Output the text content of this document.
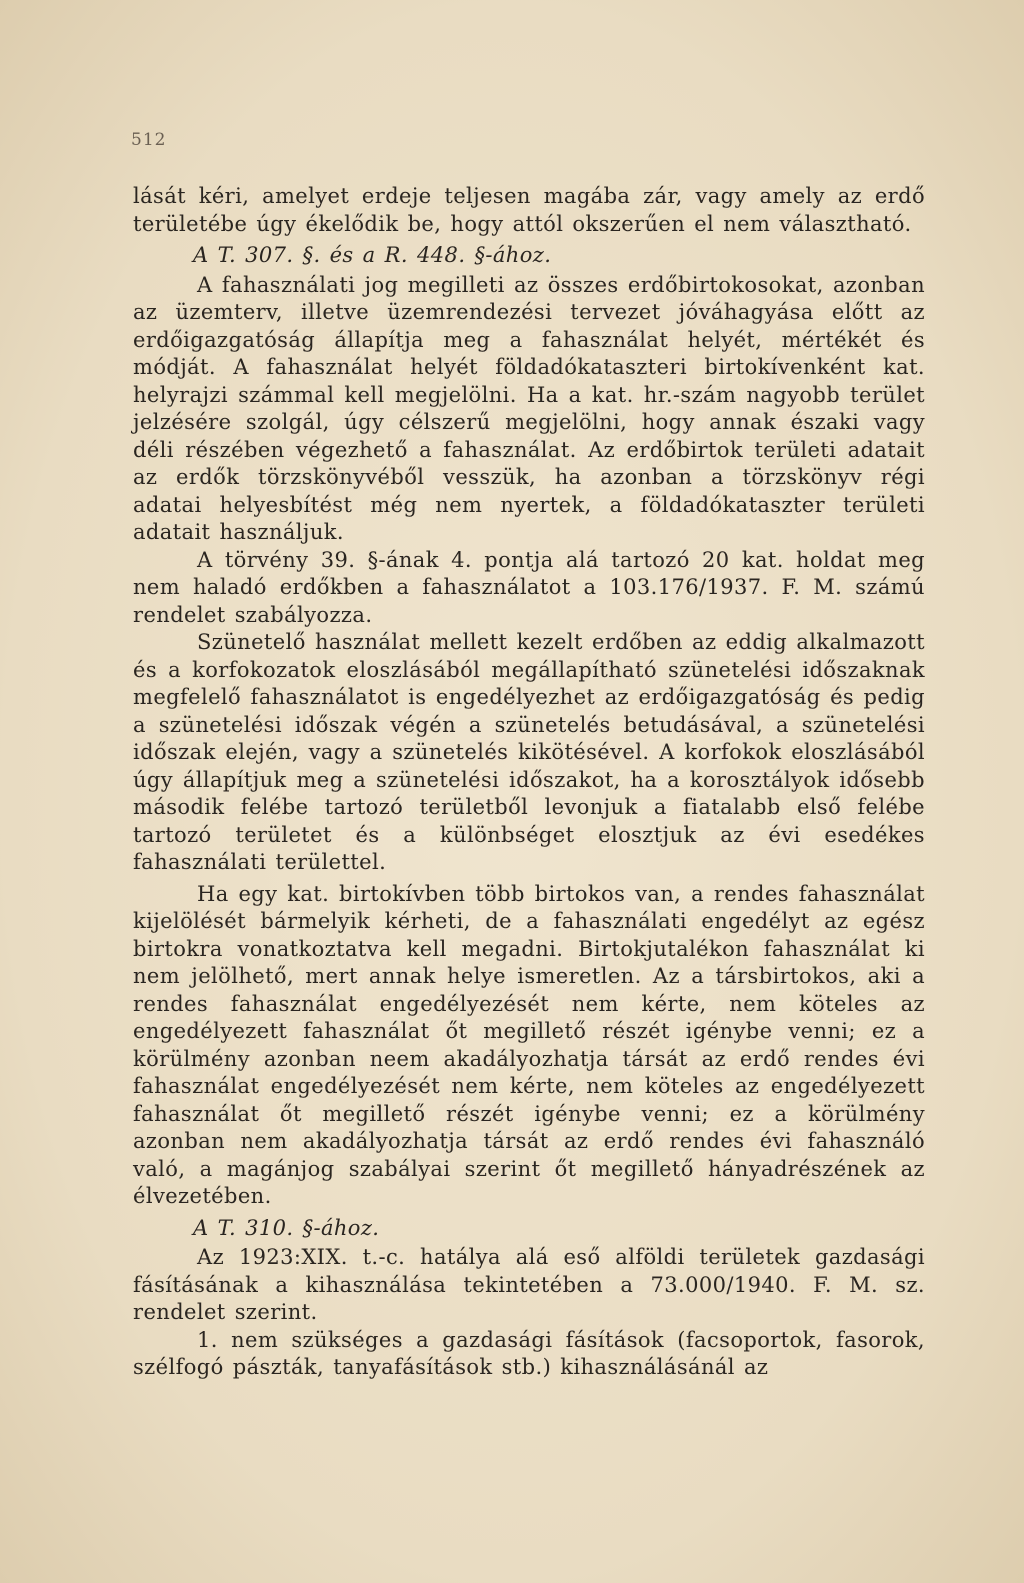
512

lását kéri, amelyet erdeje teljesen magába zár, vagy amely az erdő területébe úgy ékelődik be, hogy attól okszerűen el nem választható.

A T. 307. §. és a R. 448. §-ához.

A fahasználati jog megilleti az összes erdőbirtokosokat, azonban az üzemterv, illetve üzemrendezési tervezet jóváhagyása előtt az erdőigazgatóság állapítja meg a fahasználat helyét, mértékét és módját. A fahasználat helyét földadókataszteri birtokívenként kat. helyrajzi számmal kell megjelölni. Ha a kat. hr.-szám nagyobb terület jelzésére szolgál, úgy célszerű megjelölni, hogy annak északi vagy déli részében végezhető a fahasználat. Az erdőbirtok területi adatait az erdők törzskönyvéből vesszük, ha azonban a törzskönyv régi adatai helyesbítést még nem nyertek, a földadókataszter területi adatait használjuk.

A törvény 39. §-ának 4. pontja alá tartozó 20 kat. holdat meg nem haladó erdőkben a fahasználatot a 103.176/1937. F. M. számú rendelet szabályozza.

Szünetelő használat mellett kezelt erdőben az eddig alkalmazott és a korfokozatok eloszlásából megállapítható szünetelési időszaknak megfelelő fahasználatot is engedélyezhet az erdőigazgatóság és pedig a szünetelési időszak végén a szünetelés betudásával, a szünetelési időszak elején, vagy a szünetelés kikötésével. A korfokok eloszlásából úgy állapítjuk meg a szünetelési időszakot, ha a korosztályok idősebb második felébe tartozó területből levonjuk a fiatalabb első felébe tartozó területet és a különbséget elosztjuk az évi esedékes fahasználati területtel.

Ha egy kat. birtokívben több birtokos van, a rendes fahasználat kijelölését bármelyik kérheti, de a fahasználati engedélyt az egész birtokra vonatkoztatva kell megadni. Birtokjutalékon fahasználat ki nem jelölhető, mert annak helye ismeretlen. Az a társbirtokos, aki a rendes fahasználat engedélyezését nem kérte, nem köteles az engedélyezett fahasználat őt megillető részét igénybe venni; ez a körülmény azonban neem akadályozhatja társát az erdő rendes évi fahasználat engedélyezését nem kérte, nem köteles az engedélyezett fahasználat őt megillető részét igénybe venni; ez a körülmény azonban nem akadályozhatja társát az erdő rendes évi fahasználó való, a magánjog szabályai szerint őt megillető hányadrészének az élvezetében.

A T. 310. §-ához.

Az 1923:XIX. t.-c. hatálya alá eső alföldi területek gazdasági fásításának a kihasználása tekintetében a 73.000/1940. F. M. sz. rendelet szerint.

1. nem szükséges a gazdasági fásítások (facsoportok, fasorok, szélfogó pászták, tanyafásítások stb.) kihasználásánál az
